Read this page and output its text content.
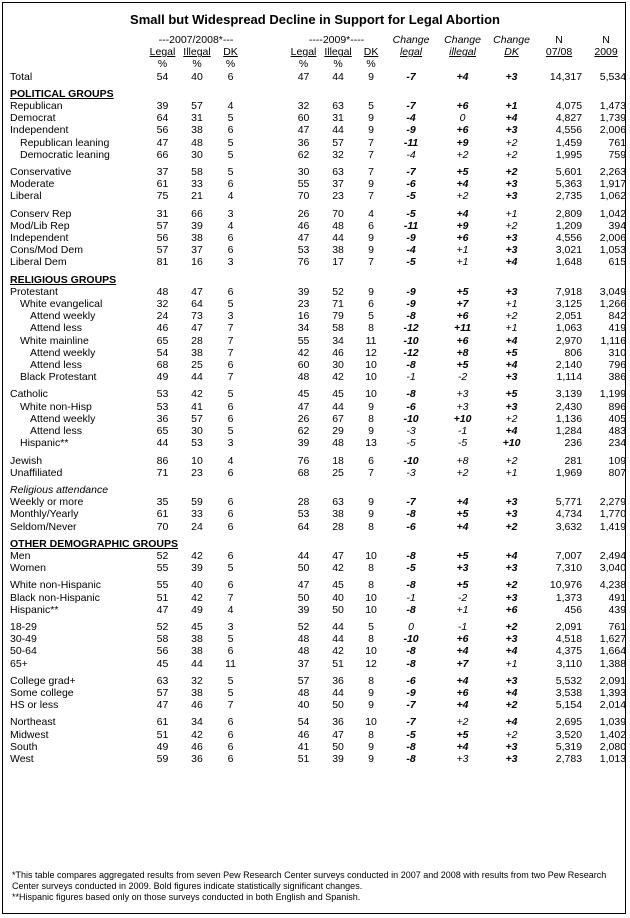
Small but Widespread Decline in Support for Legal Abortion
	---2007/2008*---				----2009*----			Change	Change	Change	N	N
	Legal	Illegal	DK		Legal	Illegal	DK	legal	illegal	DK	07/08	2009
	%	%	%		%	%	%					
Total	54	40	6		47	44	9	-7	+4	+3	14,317	5,534

POLITICAL GROUPS												
Republican	39	57	4		32	63	5	-7	+6	+1	4,075	1,473
Democrat	64	31	5		60	31	9	-4	0	+4	4,827	1,739
Independent	56	38	6		47	44	9	-9	+6	+3	4,556	2,006
Republican leaning	47	48	5		36	57	7	-11	+9	+2	1,459	761
Democratic leaning	66	30	5		62	32	7	-4	+2	+2	1,995	759

Conservative	37	58	5		30	63	7	-7	+5	+2	5,601	2,263
Moderate	61	33	6		55	37	9	-6	+4	+3	5,363	1,917
Liberal	75	21	4		70	23	7	-5	+2	+3	2,735	1,062

Conserv Rep	31	66	3		26	70	4	-5	+4	+1	2,809	1,042
Mod/Lib Rep	57	39	4		46	48	6	-11	+9	+2	1,209	394
Independent	56	38	6		47	44	9	-9	+6	+3	4,556	2,006
Cons/Mod Dem	57	37	6		53	38	9	-4	+1	+3	3,021	1,053
Liberal Dem	81	16	3		76	17	7	-5	+1	+4	1,648	615

RELIGIOUS GROUPS												
Protestant	48	47	6		39	52	9	-9	+5	+3	7,918	3,049
White evangelical	32	64	5		23	71	6	-9	+7	+1	3,125	1,266
Attend weekly	24	73	3		16	79	5	-8	+6	+2	2,051	842
Attend less	46	47	7		34	58	8	-12	+11	+1	1,063	419
White mainline	65	28	7		55	34	11	-10	+6	+4	2,970	1,116
Attend weekly	54	38	7		42	46	12	-12	+8	+5	806	310
Attend less	68	25	6		60	30	10	-8	+5	+4	2,140	796
Black Protestant	49	44	7		48	42	10	-1	-2	+3	1,114	386

Catholic	53	42	5		45	45	10	-8	+3	+5	3,139	1,199
White non-Hisp	53	41	6		47	44	9	-6	+3	+3	2,430	896
Attend weekly	36	57	6		26	67	8	-10	+10	+2	1,136	405
Attend less	65	30	5		62	29	9	-3	-1	+4	1,284	483
Hispanic**	44	53	3		39	48	13	-5	-5	+10	236	234

Jewish	86	10	4		76	18	6	-10	+8	+2	281	109
Unaffiliated	71	23	6		68	25	7	-3	+2	+1	1,969	807

Religious attendance												
Weekly or more	35	59	6		28	63	9	-7	+4	+3	5,771	2,279
Monthly/Yearly	61	33	6		53	38	9	-8	+5	+3	4,734	1,770
Seldom/Never	70	24	6		64	28	8	-6	+4	+2	3,632	1,419

OTHER DEMOGRAPHIC GROUPS												
Men	52	42	6		44	47	10	-8	+5	+4	7,007	2,494
Women	55	39	5		50	42	8	-5	+3	+3	7,310	3,040

White non-Hispanic	55	40	6		47	45	8	-8	+5	+2	10,976	4,238
Black non-Hispanic	51	42	7		50	40	10	-1	-2	+3	1,373	491
Hispanic**	47	49	4		39	50	10	-8	+1	+6	456	439

18-29	52	45	3		52	44	5	0	-1	+2	2,091	761
30-49	58	38	5		48	44	8	-10	+6	+3	4,518	1,627
50-64	56	38	6		48	42	10	-8	+4	+4	4,375	1,664
65+	45	44	11		37	51	12	-8	+7	+1	3,110	1,388

College grad+	63	32	5		57	36	8	-6	+4	+3	5,532	2,091
Some college	57	38	5		48	44	9	-9	+6	+4	3,538	1,393
HS or less	47	46	7		40	50	9	-7	+4	+2	5,154	2,014

Northeast	61	34	6		54	36	10	-7	+2	+4	2,695	1,039
Midwest	51	42	6		46	47	8	-5	+5	+2	3,520	1,402
South	49	46	6		41	50	9	-8	+4	+3	5,319	2,080
West	59	36	6		51	39	9	-8	+3	+3	2,783	1,013
*This table compares aggregated results from seven Pew Research Center surveys conducted in 2007 and 2008 with results from two Pew Research Center surveys conducted in 2009. Bold figures indicate statistically significant changes.
**Hispanic figures based only on those surveys conducted in both English and Spanish.
